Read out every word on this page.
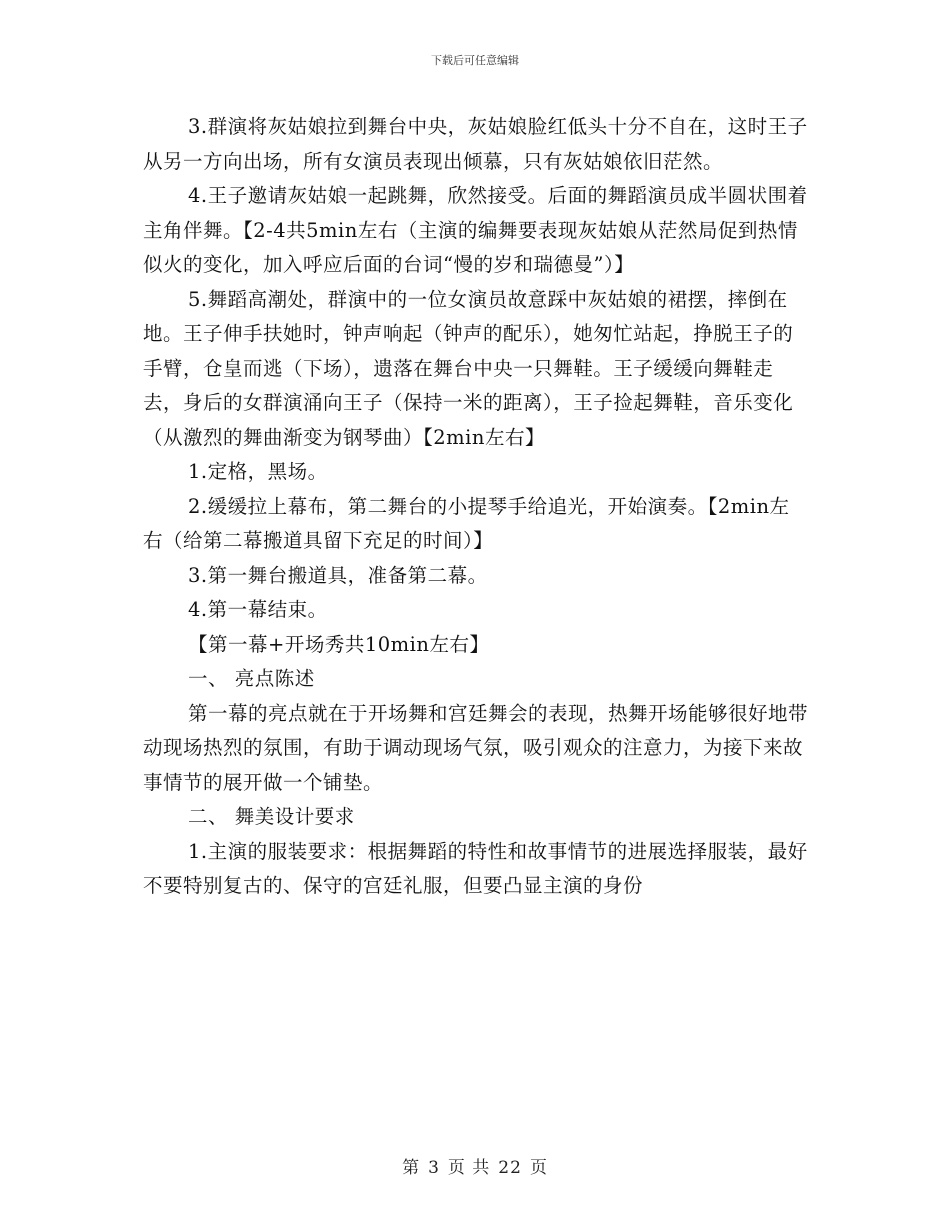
下载后可任意编辑

3.群演将灰姑娘拉到舞台中央，灰姑娘脸红低头十分不自在，这时王子从另一方向出场，所有女演员表现出倾慕，只有灰姑娘依旧茫然。

4.王子邀请灰姑娘一起跳舞，欣然接受。后面的舞蹈演员成半圆状围着主角伴舞。【2-4共5min左右（主演的编舞要表现灰姑娘从茫然局促到热情似火的变化，加入呼应后面的台词“慢的岁和瑞德曼”）】

5.舞蹈高潮处，群演中的一位女演员故意踩中灰姑娘的裙摆，摔倒在地。王子伸手扶她时，钟声响起（钟声的配乐），她匆忙站起，挣脱王子的手臂，仓皇而逃（下场），遗落在舞台中央一只舞鞋。王子缓缓向舞鞋走去，身后的女群演涌向王子（保持一米的距离），王子捡起舞鞋，音乐变化（从激烈的舞曲渐变为钢琴曲）【2min左右】

1.定格，黑场。

2.缓缓拉上幕布，第二舞台的小提琴手给追光，开始演奏。【2min左右（给第二幕搬道具留下充足的时间）】

3.第一舞台搬道具，准备第二幕。

4.第一幕结束。

【第一幕+开场秀共10min左右】

一、 亮点陈述

第一幕的亮点就在于开场舞和宫廷舞会的表现，热舞开场能够很好地带动现场热烈的氛围，有助于调动现场气氛，吸引观众的注意力，为接下来故事情节的展开做一个铺垫。

二、 舞美设计要求

1.主演的服装要求：根据舞蹈的特性和故事情节的进展选择服装，最好不要特别复古的、保守的宫廷礼服，但要凸显主演的身份

第 3 页 共 22 页
